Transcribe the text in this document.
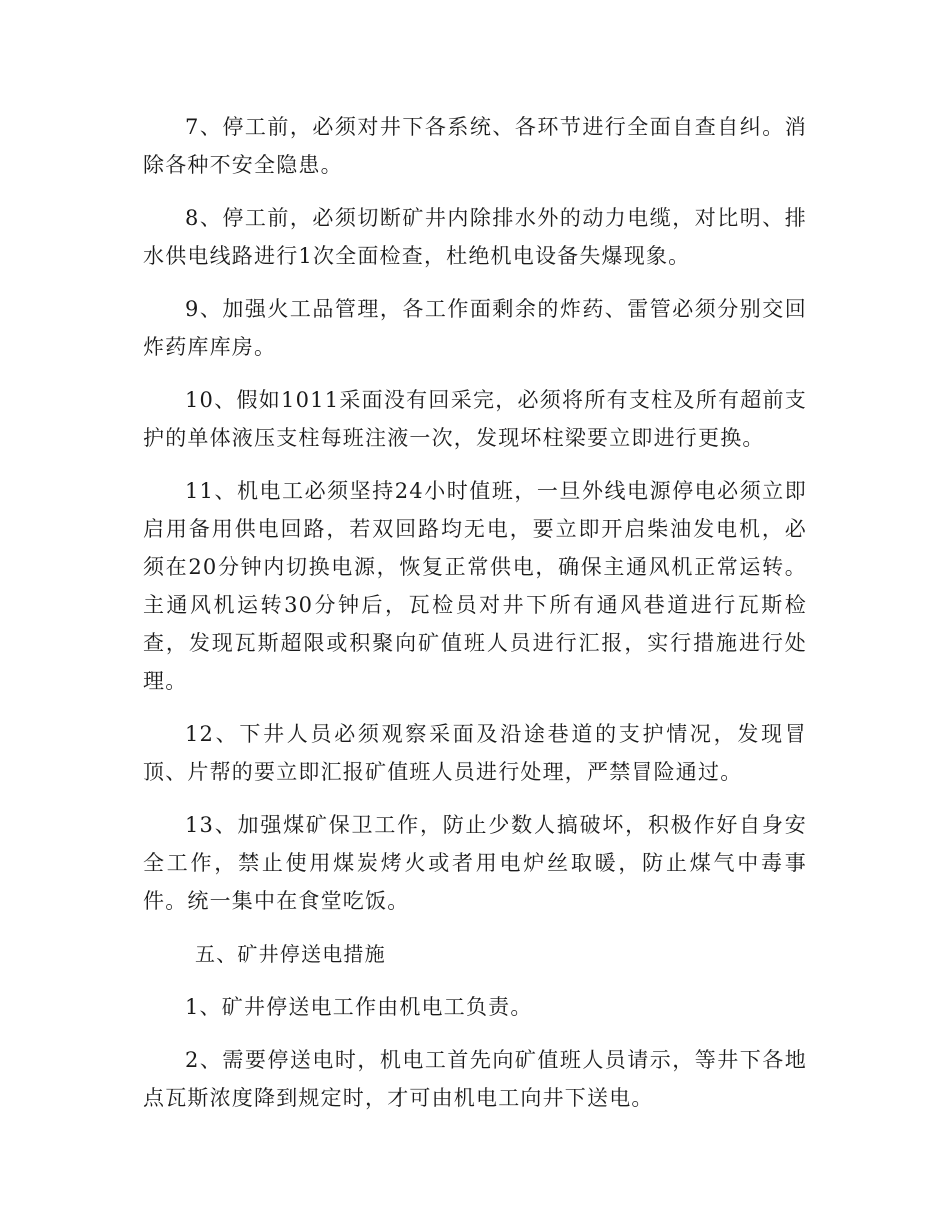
7、停工前，必须对井下各系统、各环节进行全面自查自纠。消除各种不安全隐患。

8、停工前，必须切断矿井内除排水外的动力电缆，对比明、排水供电线路进行1次全面检查，杜绝机电设备失爆现象。

9、加强火工品管理，各工作面剩余的炸药、雷管必须分别交回炸药库库房。

10、假如1011采面没有回采完，必须将所有支柱及所有超前支护的单体液压支柱每班注液一次，发现坏柱梁要立即进行更换。

11、机电工必须坚持24小时值班，一旦外线电源停电必须立即启用备用供电回路，若双回路均无电，要立即开启柴油发电机，必须在20分钟内切换电源，恢复正常供电，确保主通风机正常运转。主通风机运转30分钟后，瓦检员对井下所有通风巷道进行瓦斯检查，发现瓦斯超限或积聚向矿值班人员进行汇报，实行措施进行处理。

12、下井人员必须观察采面及沿途巷道的支护情况，发现冒顶、片帮的要立即汇报矿值班人员进行处理，严禁冒险通过。

13、加强煤矿保卫工作，防止少数人搞破坏，积极作好自身安全工作，禁止使用煤炭烤火或者用电炉丝取暖，防止煤气中毒事件。统一集中在食堂吃饭。

五、矿井停送电措施

1、矿井停送电工作由机电工负责。

2、需要停送电时，机电工首先向矿值班人员请示，等井下各地点瓦斯浓度降到规定时，才可由机电工向井下送电。
